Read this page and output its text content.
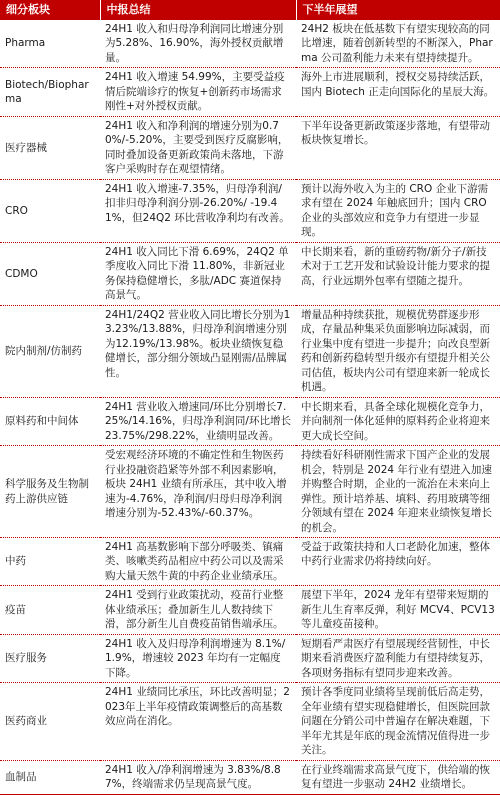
细分板块	中报总结	下半年展望
Pharma	24H1 收入和归母净利润同比增速分别为5.28%、16.90%，海外授权贡献增量。	24H2 板块在低基数下有望实现较高的同比增速，随着创新转型的不断深入，Pharma 公司盈利能力未来有望持续提升。
Biotech/Biopharma	24H1 收入增速 54.99%，主要受益疫情后院端诊疗的恢复+创新药市场需求刚性+对外授权贡献。	海外上市进展顺利，授权交易持续活跃，国内 Biotech 正走向国际化的星辰大海。
医疗器械	24H1 收入和净利润的增速分别为0.70%/-5.20%，主要受到医疗反腐影响，同时叠加设备更新政策尚未落地，下游客户采购时存在观望情绪。	下半年设备更新政策逐步落地，有望带动板块恢复增长。
CRO	24H1 收入增速-7.35%，归母净利润/扣非归母净利润分别-26.20%/ -19.41%，但24Q2 环比营收净利均有改善。	预计以海外收入为主的 CRO 企业下游需求有望在 2024 年触底回升；国内 CRO 企业的头部效应和竞争力有望进一步显现。
CDMO	24H1 收入同比下滑 6.69%，24Q2 单季度收入同比下滑 11.80%，非新冠业务保持稳健增长，多肽/ADC 赛道保持高景气。	中长期来看，新的重磅药物/新分子/新技术对于工艺开发和试验设计能力要求的提高，行业远期外包率有望随之提升。
院内制剂/仿制药	24H1/24Q2 营业收入同比增长分别为13.23%/13.88%，归母净利润增速分别为12.19%/13.98%。板块业绩恢复稳健增长，部分细分领域凸显刚需/品牌属性。	增量品种持续获批，规模优势群逐步形成，存量品种集采负面影响边际减弱，而行业集中度有望进一步提升；向改良型新药和创新药稳转型升级亦有望提升相关公司估值，板块内公司有望迎来新一轮成长机遇。
原料药和中间体	24H1 营业收入增速同/环比分别增长7.25%/14.16%，归母净利润同/环比增长23.75%/298.22%，业绩明显改善。	中长期来看，具备全球化规模化竞争力，并向制剂一体化延伸的原料药企业将迎来更大成长空间。
科学服务及生物制药上游供应链	受宏观经济环境的不确定性和生物医药行业投融资趋紧等外部不利因素影响，板块 24H1 业绩有所承压，其中收入增速为-4.76%，净利润/归母归母净利润增速分别为-52.43%/-60.37%。	持续看好科研刚性需求下国产企业的发展机会，特别是 2024 年行业有望进入加速并购整合时期，企业的一流治在未来向上弹性。预计培养基、填料、药用玻璃等细分领域有望在 2024 年迎来业绩恢复增长的机会。
中药	24H1 高基数影响下部分呼吸类、镇痛类、咳嗽类药品相应中药公司以及需采购大量天然牛黄的中药企业业绩承压。	受益于政策扶持和人口老龄化加速，整体中药行业需求仍将持续向好。
疫苗	24H1 受到行业政策扰动，疫苗行业整体业绩承压；叠加新生儿人数持续下滑，部分新生儿自费疫苗销售端承压。	展望下半年，2024 龙年有望带来短期的新生儿生育率反弹，利好 MCV4、PCV13 等儿童疫苗接种。
医疗服务	24H1 收入及归母净利润增速为 8.1%/1.9%，增速较 2023 年均有一定幅度下降。	短期看严肃医疗有望展现经营韧性，中长期来看消费医疗盈利能力有望持续复苏，各项财务指标有望同步迎来改善。
医药商业	24H1 业绩同比承压，环比改善明显；2023年上半年疫情政策调整后的高基数效应尚在消化。	预计各季度同业绩将呈现前低后高走势，全年业绩有望实现稳健增长，但医院回款问题在分销公司中普遍存在解决难题，下半年尤其是年底的现金流情况值得进一步关注。
血制品	24H1 收入/净利润增速为 3.83%/8.87%，终端需求仍呈现高景气度。	在行业终端需求高景气度下，供给端的恢复有望进一步驱动 24H2 业绩增长。
